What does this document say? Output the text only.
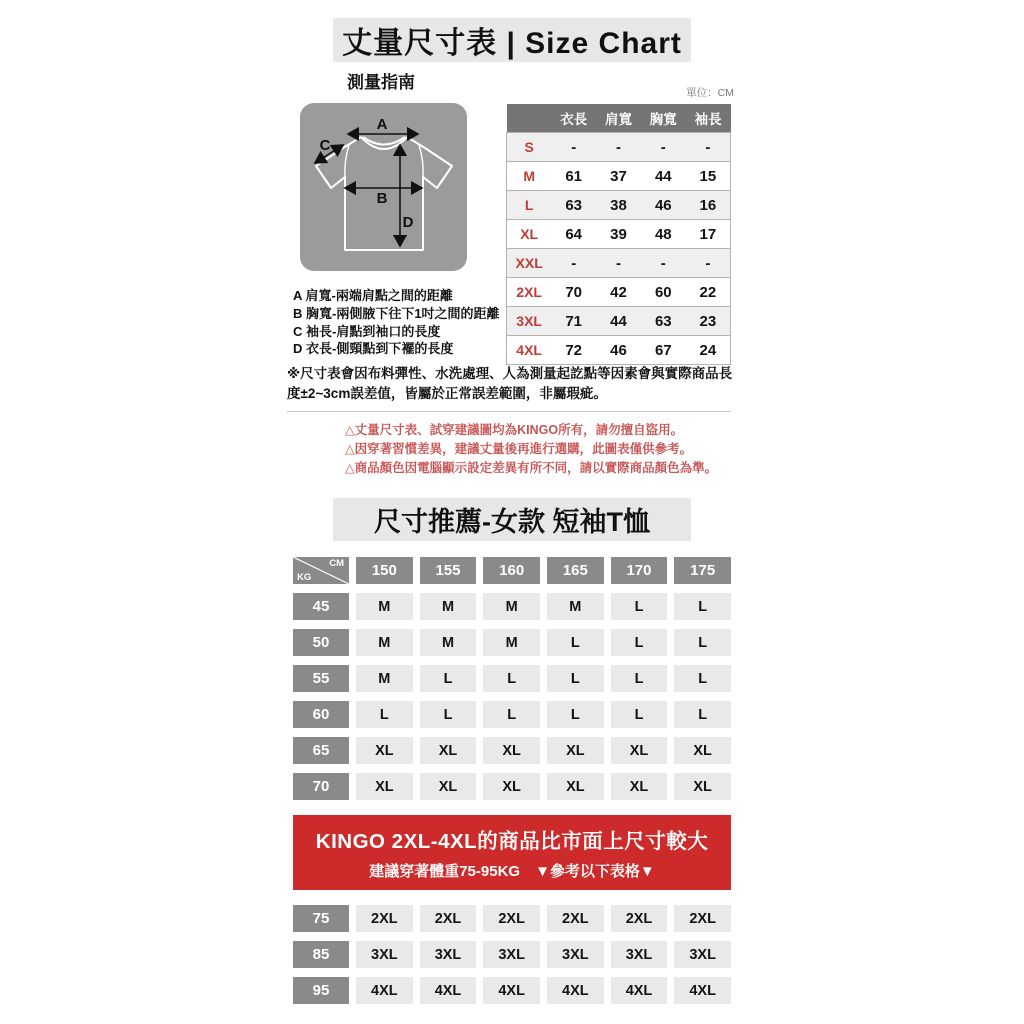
丈量尺寸表 | Size Chart
測量指南
單位：CM
A
B
C
D
	衣長	肩寬	胸寬	袖長
S	-	-	-	-
M	61	37	44	15
L	63	38	46	16
XL	64	39	48	17
XXL	-	-	-	-
2XL	70	42	60	22
3XL	71	44	63	23
4XL	72	46	67	24
A 肩寬-兩端肩點之間的距離
B 胸寬-兩側腋下往下1吋之間的距離
C 袖長-肩點到袖口的長度
D 衣長-側頸點到下襬的長度
※尺寸表會因布料彈性、水洗處理、人為測量起訖點等因素會與實際商品長度±2~3cm誤差值，皆屬於正常誤差範圍，非屬瑕疵。
△丈量尺寸表、試穿建議圖均為KINGO所有，請勿擅自盜用。
△因穿著習慣差異，建議丈量後再進行選購，此圖表僅供參考。
△商品顏色因電腦顯示設定差異有所不同，請以實際商品顏色為準。
尺寸推薦-女款 短袖T恤
CM
KG	150	155	160	165	170	175
45	M	M	M	M	L	L
50	M	M	M	L	L	L
55	M	L	L	L	L	L
60	L	L	L	L	L	L
65	XL	XL	XL	XL	XL	XL
70	XL	XL	XL	XL	XL	XL
KINGO 2XL-4XL的商品比市面上尺寸較大
建議穿著體重75-95KG　▼參考以下表格▼
75	2XL	2XL	2XL	2XL	2XL	2XL
85	3XL	3XL	3XL	3XL	3XL	3XL
95	4XL	4XL	4XL	4XL	4XL	4XL
